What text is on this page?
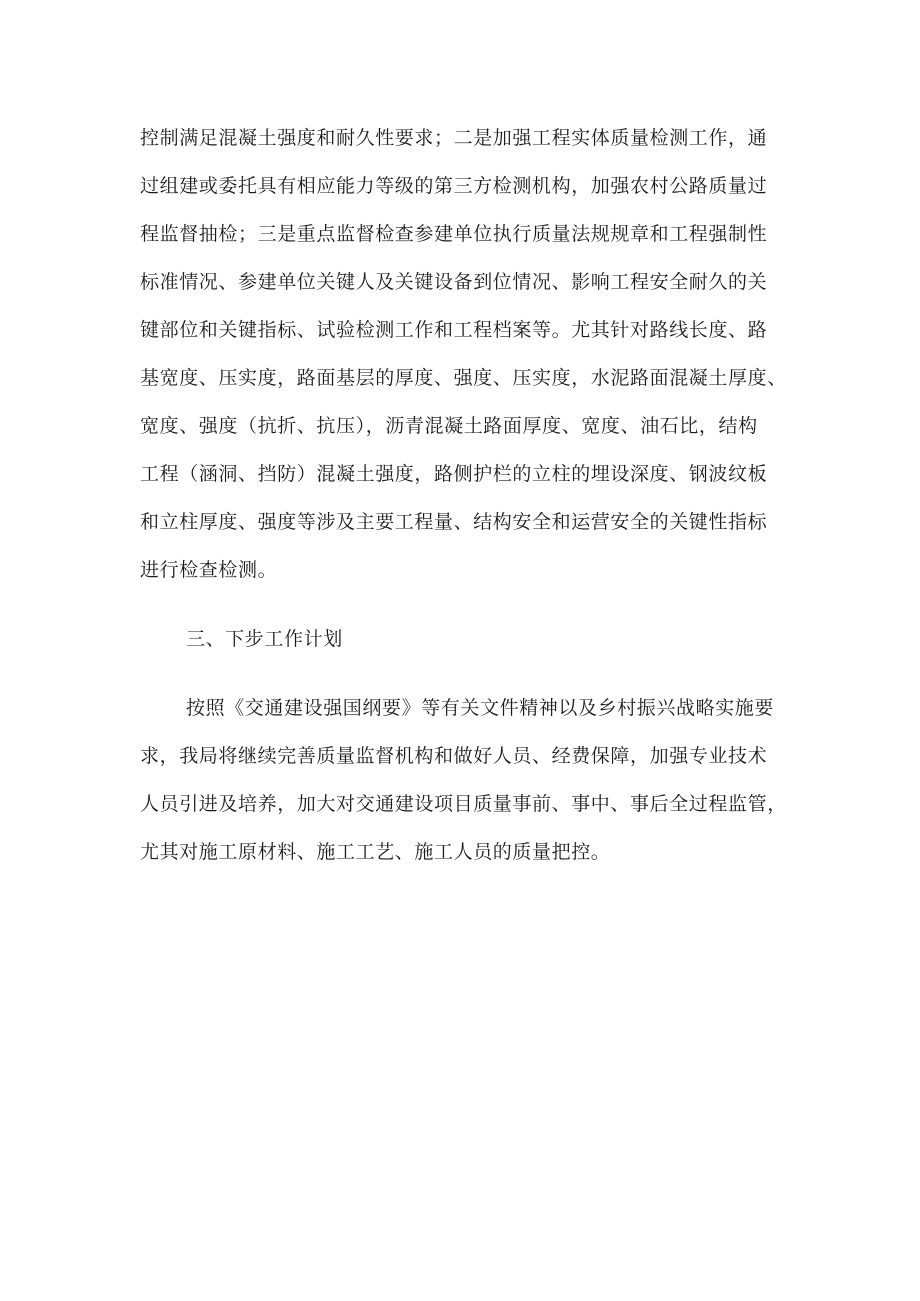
控制满足混凝土强度和耐久性要求；二是加强工程实体质量检测工作，通
过组建或委托具有相应能力等级的第三方检测机构，加强农村公路质量过
程监督抽检；三是重点监督检查参建单位执行质量法规规章和工程强制性
标准情况、参建单位关键人及关键设备到位情况、影响工程安全耐久的关
键部位和关键指标、试验检测工作和工程档案等。尤其针对路线长度、路
基宽度、压实度，路面基层的厚度、强度、压实度，水泥路面混凝土厚度、
宽度、强度（抗折、抗压），沥青混凝土路面厚度、宽度、油石比，结构
工程（涵洞、挡防）混凝土强度，路侧护栏的立柱的埋设深度、钢波纹板
和立柱厚度、强度等涉及主要工程量、结构安全和运营安全的关键性指标
进行检查检测。
三、下步工作计划
按照《交通建设强国纲要》等有关文件精神以及乡村振兴战略实施要
求，我局将继续完善质量监督机构和做好人员、经费保障，加强专业技术
人员引进及培养，加大对交通建设项目质量事前、事中、事后全过程监管，
尤其对施工原材料、施工工艺、施工人员的质量把控。
